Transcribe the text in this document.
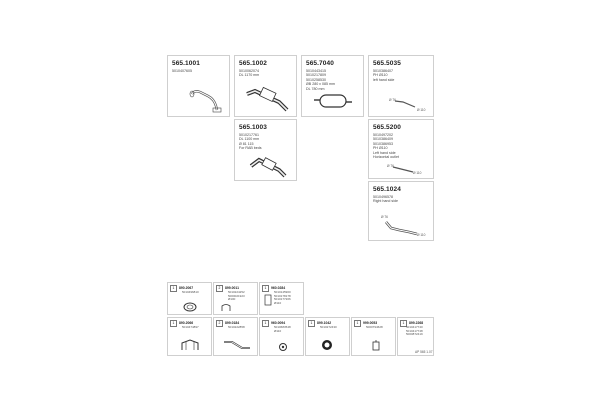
565.1001
5010407605
565.1002
5010062074
DL 1170 mm
565.7040
5010443415
5010217809
5010258530
ØB 280 x 085 mm
DL 780 mm
565.5035
5010386407
PH Ø110
left hand side
Ø 76
Ø 110
565.1003
5010217761
DL 1100 mm
Ø 81 115
For RAB beds
565.5200
5010497202
5010386409
5010386953
PH Ø110
Left hand side
Horizontal outlet
Ø 76
Ø 110
565.1024
5010496578
Right hand side
Ø 76
Ø 110
1 890.2067
5010496810
2 899.0011
5010224252
5000021923
Ø100
1 960.0284
5010145900
5010178178
5010177206
Ø110
1 890.2066
5010474897
2 899.0184
5010222858
1 960.0094
5010683548
Ø110
1 899.1042
5010272430
1 999.0053
5000794628
1 899.2268
5010417740
5010417748
5000872419
AP 565 1.07
